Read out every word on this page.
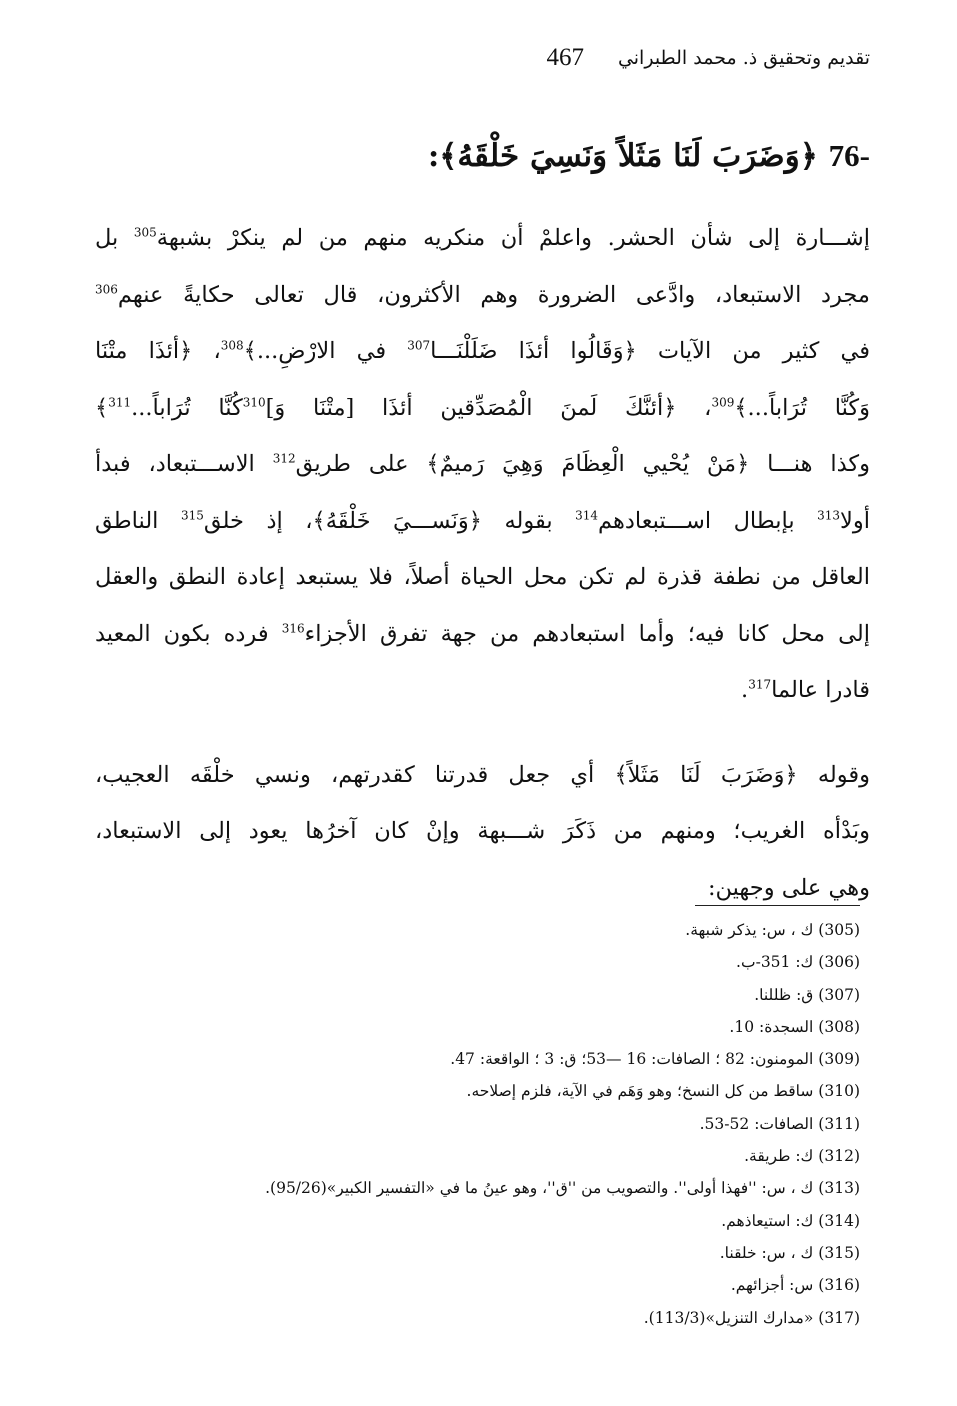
تقديم وتحقيق ذ. محمد الطبراني
467
76- ﴿وَضَرَبَ لَنَا مَثَلاً وَنَسِيَ خَلْقَهُ﴾:
إشـــارة إلى شأن الحشر. واعلمْ أن منكريه منهم من لم ينكرْ بشبهة$^{305}$ بل
مجرد الاستبعاد، وادَّعى الضرورة وهم الأكثرون، قال تعالى حكايةً عنهم$^{306}$
في كثير من الآيات ﴿وَقَالُوا أئذَا ضَلَلْنَـــا$^{307}$ في الارْضِ...﴾$^{308}$، ﴿أئذَا متْنَا
وَكُنَّا تُرَاباً...﴾$^{309}$، ﴿أئنَّكَ لَمنَ الْمُصَدِّقين أئذَا [متْنَا وَ]$^{310}$كُنَّا تُرَاباً...$^{311}$﴾
وكذا هنـــا ﴿مَنْ يُحْيي الْعِظَامَ وَهِيَ رَميمٌ﴾ على طريق$^{312}$ الاســـتبعاد، فبدأ
أولا$^{313}$ بإبطال اســـتبعادهم$^{314}$ بقوله ﴿وَنَســـيَ خَلْقَهُ﴾، إذ خلق$^{315}$ الناطق
العاقل من نطفة قذرة لم تكن محل الحياة أصلاً، فلا يستبعد إعادة النطق والعقل
إلى محل كانا فيه؛ وأما استبعادهم من جهة تفرق الأجزاء$^{316}$ فرده بكون المعيد
قادرا عالما$^{317}$.
وقوله ﴿وَضَرَبَ لَنَا مَثَلاً﴾ أي جعل قدرتنا كقدرتهم، ونسي خلْقَه العجيب،
وبَدْأه الغريب؛ ومنهم من ذَكَرَ شـــبهة وإنْ كان آخرُها يعود إلى الاستبعاد،
وهي على وجهين:
(305) ك ، س: يذكر شبهة.
(306) ك: 351-ب.
(307) ق: ظللنا.
(308) السجدة: 10.
(309) المومنون: 82 ؛ الصافات: 16 —53؛ ق: 3 ؛ الواقعة: 47.
(310) ساقط من كل النسخ؛ وهو وَهَم في الآية، فلزم إصلاحه.
(311) الصافات: 52-53.
(312) ك: طريقة.
(313) ك ، س: ''فهذا أولى''. والتصويب من ''ق''، وهو عينُ ما في «التفسير الكبير»(95/26).
(314) ك: استيعاذهم.
(315) ك ، س: خلقنا.
(316) س: أجزائهم.
(317) «مدارك التنزيل»(113/3).
